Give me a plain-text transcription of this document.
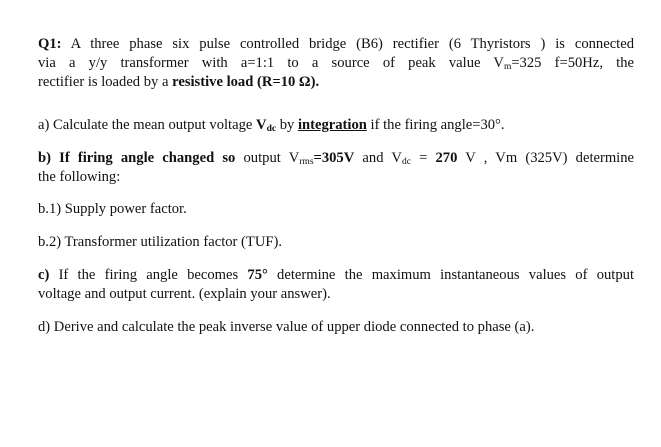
Q1: A three phase six pulse controlled bridge (B6) rectifier (6 Thyristors ) is connected

via a y/y transformer with a=1:1 to a source of peak value $V_m=325$ f=50Hz, the

rectifier is loaded by a resistive load (R=10 Ω).

a) Calculate the mean output voltage $V_{dc}$ by integration if the firing angle=30°.

b) If firing angle changed so output $V_{rms}=305V$ and $V_{dc} = 270$ V , Vm (325V) determine

the following:

b.1) Supply power factor.

b.2) Transformer utilization factor (TUF).

c) If the firing angle becomes 75° determine the maximum instantaneous values of output

voltage and output current. (explain your answer).

d) Derive and calculate the peak inverse value of upper diode connected to phase (a).
